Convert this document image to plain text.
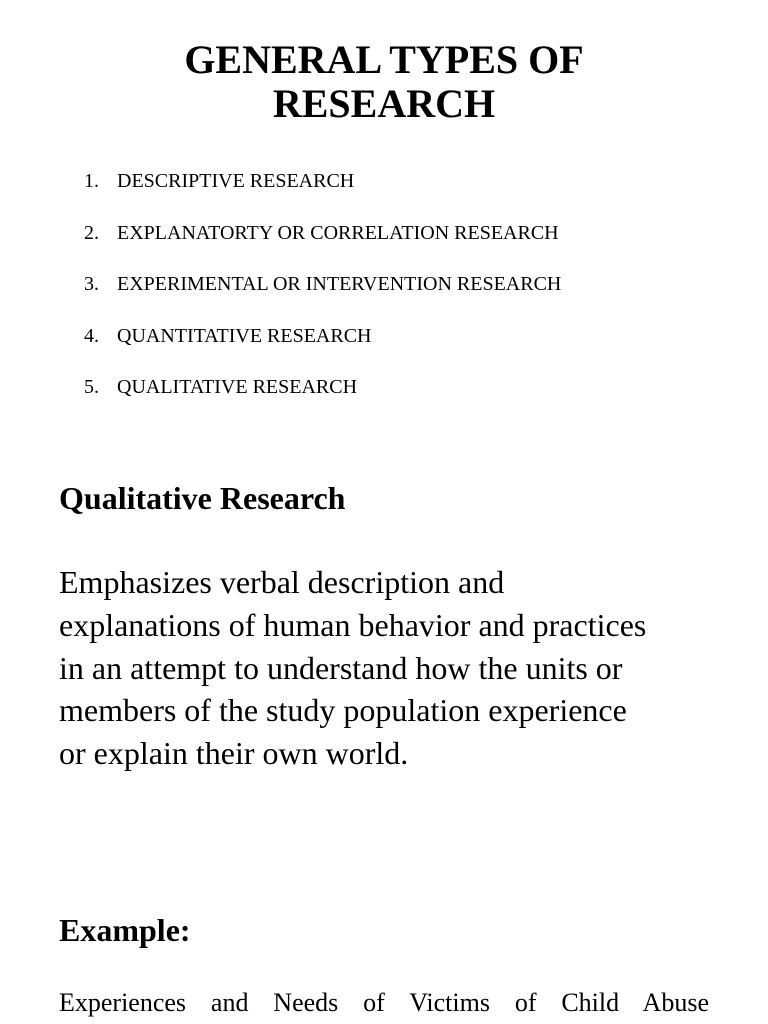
GENERAL TYPES OF
RESEARCH
1. DESCRIPTIVE RESEARCH
2. EXPLANATORTY OR CORRELATION RESEARCH
3. EXPERIMENTAL OR INTERVENTION RESEARCH
4. QUANTITATIVE RESEARCH
5. QUALITATIVE RESEARCH
Qualitative Research

Emphasizes verbal description and explanations of human behavior and practices in an attempt to understand how the units or members of the study population experience or explain their own world.

Example:

Experiences and Needs of Victims of Child Abuse
